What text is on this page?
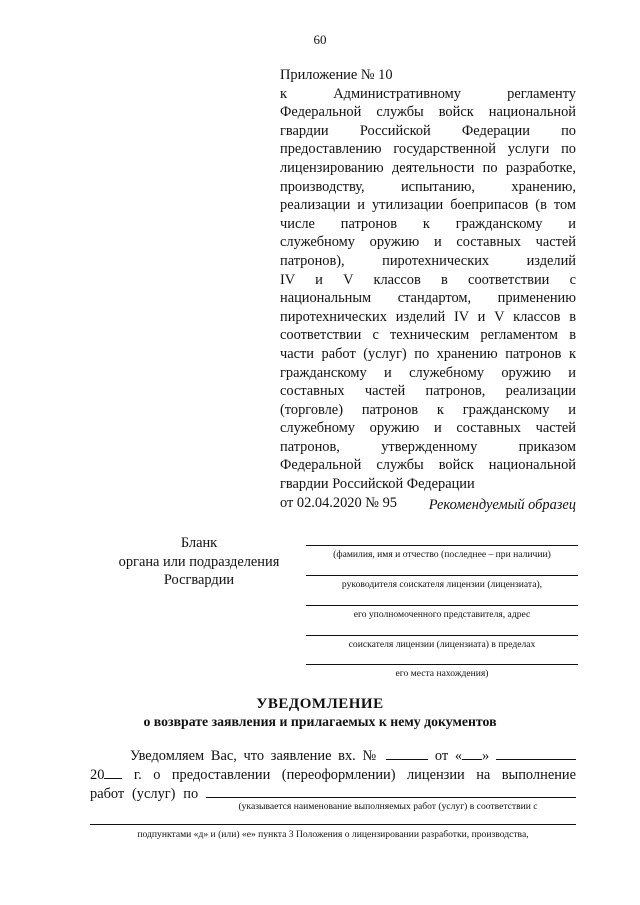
60
Приложение № 10
к Административному регламенту
Федеральной службы войск национальной
гвардии Российской Федерации по
предоставлению государственной услуги по
лицензированию деятельности по разработке,
производству, испытанию, хранению,
реализации и утилизации боеприпасов (в том
числе патронов к гражданскому и
служебному оружию и составных частей
патронов), пиротехнических изделий
IV и V классов в соответствии с
национальным стандартом, применению
пиротехнических изделий IV и V классов в
соответствии с техническим регламентом в
части работ (услуг) по хранению патронов к
гражданскому и служебному оружию и
составных частей патронов, реализации
(торговле) патронов к гражданскому и
служебному оружию и составных частей
патронов, утвержденному приказом
Федеральной службы войск национальной
гвардии Российской Федерации
от 02.04.2020 № 95	Рекомендуемый образец
Бланк
органа или подразделения
Росгвардии
(фамилия, имя и отчество (последнее – при наличии)
руководителя соискателя лицензии (лицензиата),
его уполномоченного представителя, адрес
соискателя лицензии (лицензиата) в пределах
его места нахождения)
УВЕДОМЛЕНИЕ
о возврате заявления и прилагаемых к нему документов
Уведомляем Вас, что заявление вх. №	от « »
20 г. о предоставлении (переоформлении) лицензии на выполнение
работ (услуг) по
(указывается наименование выполняемых работ (услуг) в соответствии с
подпунктами «д» и (или) «е» пункта 3 Положения о лицензировании разработки, производства,
